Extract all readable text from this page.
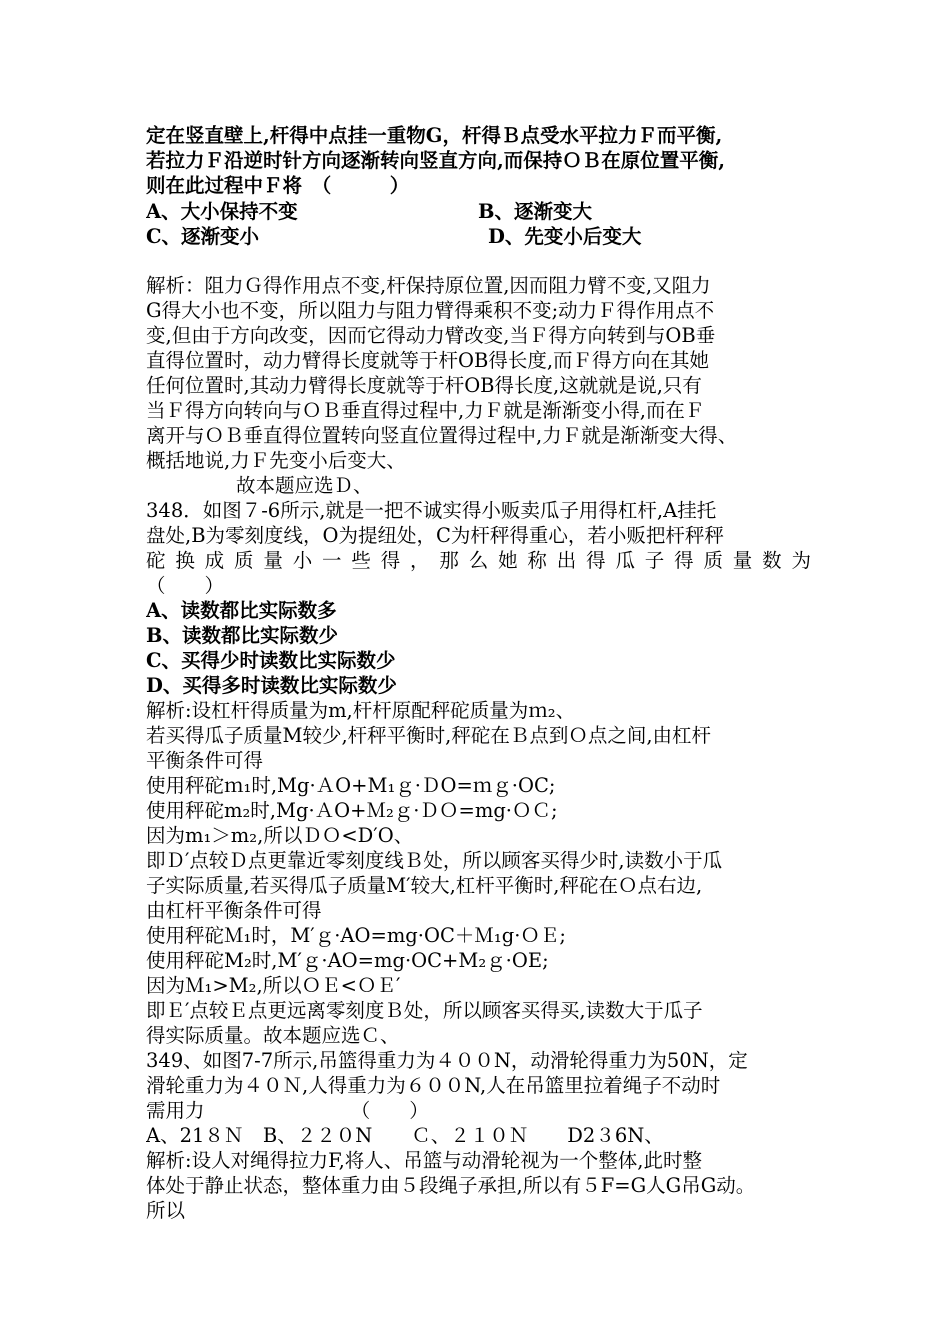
定在竖直壁上,杆得中点挂一重物G，杆得Ｂ点受水平拉力Ｆ而平衡,
若拉力Ｆ沿逆时针方向逐渐转向竖直方向,而保持ＯＢ在原位置平衡,
则在此过程中Ｆ将　（　　　）
A、大小保持不变	B、逐渐变大
C、逐渐变小	D、先变小后变大
解析：阻力Ｇ得作用点不变,杆保持原位置,因而阻力臂不变,又阻力
G得大小也不变，所以阻力与阻力臂得乘积不变;动力Ｆ得作用点不
变,但由于方向改变，因而它得动力臂改变,当Ｆ得方向转到与OB垂
直得位置时，动力臂得长度就等于杆OB得长度,而Ｆ得方向在其她
任何位置时,其动力臂得长度就等于杆OB得长度,这就就是说,只有
当Ｆ得方向转向与ＯＢ垂直得过程中,力Ｆ就是渐渐变小得,而在Ｆ
离开与ＯＢ垂直得位置转向竖直位置得过程中,力Ｆ就是渐渐变大得、
概括地说,力Ｆ先变小后变大、
故本题应选Ｄ、
348．如图７-6所示,就是一把不诚实得小贩卖瓜子用得杠杆,A挂托
盘处,B为零刻度线，O为提纽处，C为杆秤得重心，若小贩把杆秤秤
砣换成质量小一些得，那么她称出得瓜子得质量数为
（　　）
A、读数都比实际数多
B、读数都比实际数少
C、买得少时读数比实际数少
D、买得多时读数比实际数少
解析:设杠杆得质量为m,杆杆原配秤砣质量为ｍ₂、
若买得瓜子质量M较少,杆秤平衡时,秤砣在Ｂ点到Ｏ点之间,由杠杆
平衡条件可得
使用秤砣ｍ₁时,Mg·ＡO+M₁ｇ·ＤO=ｍｇ·OC;
使用秤砣m₂时,Mg·ＡO+Ｍ₂ｇ·ＤＯ=mg·ＯＣ;
因为m₁＞m₂,所以ＤＯ<D′O、
即Ｄ′点较Ｄ点更靠近零刻度线Ｂ处，所以顾客买得少时,读数小于瓜
子实际质量,若买得瓜子质量M′较大,杠杆平衡时,秤砣在Ｏ点右边,
由杠杆平衡条件可得
使用秤砣Ｍ₁时，M′ｇ·AO=mg·OC＋Ｍ₁g·ＯＥ;
使用秤砣M₂时,M′ｇ·AO=mg·OC+M₂ｇ·OE;
因为Ｍ₁>M₂,所以ＯＥ<ＯＥ′
即Ｅ′点较Ｅ点更远离零刻度Ｂ处，所以顾客买得买,读数大于瓜子
得实际质量。故本题应选Ｃ、
349、如图7-7所示,吊篮得重力为４００N，动滑轮得重力为50N，定
滑轮重力为４０Ｎ,人得重力为６００N,人在吊篮里拉着绳子不动时
需用力　　　　　　　　（　　）
A、21８Ｎ　B、２２０N　　Ｃ、２１０Ｎ　　D2３6N、
解析:设人对绳得拉力F,将人、吊篮与动滑轮视为一个整体,此时整
体处于静止状态，整体重力由５段绳子承担,所以有５F=G人G吊G动。
所以
